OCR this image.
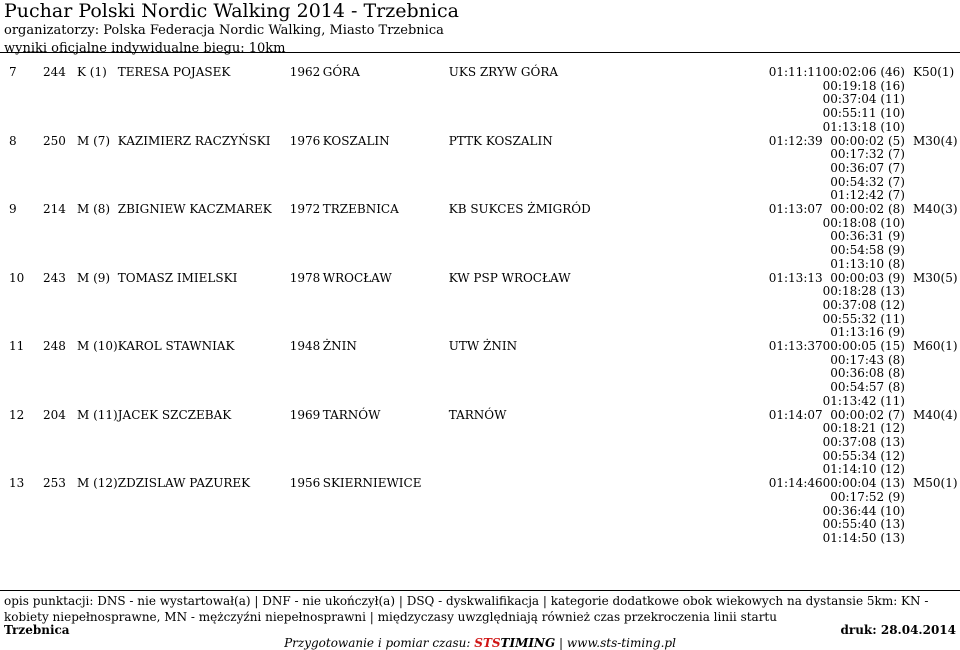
Puchar Polski Nordic Walking 2014 - Trzebnica
organizatorzy: Polska Federacja Nordic Walking, Miasto Trzebnica
wyniki oficjalne indywidualne biegu: 10km
7	244	K (1)	TERESA POJASEK	1962	GÓRA	UKS ZRYW GÓRA	01:11:11	00:02:06 (46)
00:19:18 (16)
00:37:04 (11)
00:55:11 (10)
01:13:18 (10)	K50(1)
8	250	M (7)	KAZIMIERZ RACZYŃSKI	1976	KOSZALIN	PTTK KOSZALIN	01:12:39	00:00:02 (5)
00:17:32 (7)
00:36:07 (7)
00:54:32 (7)
01:12:42 (7)	M30(4)
9	214	M (8)	ZBIGNIEW KACZMAREK	1972	TRZEBNICA	KB SUKCES ŻMIGRÓD	01:13:07	00:00:02 (8)
00:18:08 (10)
00:36:31 (9)
00:54:58 (9)
01:13:10 (8)	M40(3)
10	243	M (9)	TOMASZ IMIELSKI	1978	WROCŁAW	KW PSP WROCŁAW	01:13:13	00:00:03 (9)
00:18:28 (13)
00:37:08 (12)
00:55:32 (11)
01:13:16 (9)	M30(5)
11	248	M (10)	KAROL STAWNIAK	1948	ŻNIN	UTW ŻNIN	01:13:37	00:00:05 (15)
00:17:43 (8)
00:36:08 (8)
00:54:57 (8)
01:13:42 (11)	M60(1)
12	204	M (11)	JACEK SZCZEBAK	1969	TARNÓW	TARNÓW	01:14:07	00:00:02 (7)
00:18:21 (12)
00:37:08 (13)
00:55:34 (12)
01:14:10 (12)	M40(4)
13	253	M (12)	ZDZISLAW PAZUREK	1956	SKIERNIEWICE		01:14:46	00:00:04 (13)
00:17:52 (9)
00:36:44 (10)
00:55:40 (13)
01:14:50 (13)	M50(1)
opis punktacji: DNS - nie wystartował(a) | DNF - nie ukończył(a) | DSQ - dyskwalifikacja | kategorie dodatkowe obok wiekowych na dystansie 5km: KN - kobiety niepełnosprawne, MN - mężczyźni niepełnosprawni | międzyczasy uwzględniają również czas przekroczenia linii startu
Trzebnica	druk: 28.04.2014
Przygotowanie i pomiar czasu: STSTIMING | www.sts-timing.pl
